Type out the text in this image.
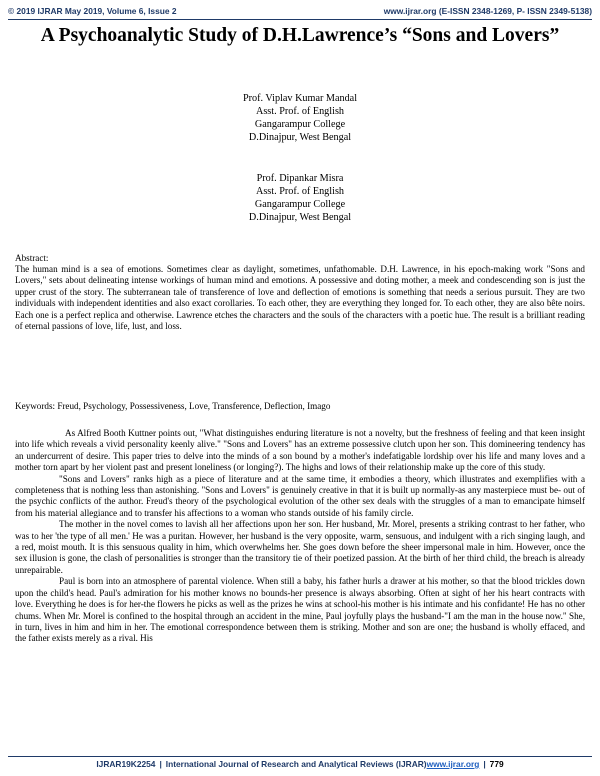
© 2019 IJRAR May 2019, Volume 6, Issue 2	www.ijrar.org (E-ISSN 2348-1269, P- ISSN 2349-5138)
A Psychoanalytic Study of D.H.Lawrence’s “Sons and Lovers”
Prof. Viplav Kumar Mandal
Asst. Prof. of English
Gangarampur College
D.Dinajpur, West Bengal
Prof. Dipankar Misra
Asst. Prof. of English
Gangarampur College
D.Dinajpur, West Bengal
Abstract:
The human mind is a sea of emotions. Sometimes clear as daylight, sometimes, unfathomable. D.H. Lawrence, in his epoch-making work "Sons and Lovers," sets about delineating intense workings of human mind and emotions. A possessive and doting mother, a meek and condescending son is just the upper crust of the story. The subterranean tale of transference of love and deflection of emotions is something that needs a serious pursuit. They are two individuals with independent identities and also exact corollaries. To each other, they are everything they longed for. To each other, they are also bête noirs. Each one is a perfect replica and otherwise. Lawrence etches the characters and the souls of the characters with a poetic hue. The result is a brilliant reading of eternal passions of love, life, lust, and loss.
Keywords: Freud, Psychology, Possessiveness, Love, Transference, Deflection, Imago

As Alfred Booth Kuttner points out, "What distinguishes enduring literature is not a novelty, but the freshness of feeling and that keen insight into life which reveals a vivid personality keenly alive." "Sons and Lovers" has an extreme possessive clutch upon her son. This domineering tendency has an undercurrent of desire. This paper tries to delve into the minds of a son bound by a mother's indefatigable lordship over his life and many loves and a mother torn apart by her violent past and present loneliness (or longing?). The highs and lows of their relationship make up the core of this study.

"Sons and Lovers" ranks high as a piece of literature and at the same time, it embodies a theory, which illustrates and exemplifies with a completeness that is nothing less than astonishing. "Sons and Lovers" is genuinely creative in that it is built up normally-as any masterpiece must be- out of the psychic conflicts of the author. Freud's theory of the psychological evolution of the other sex deals with the struggles of a man to emancipate himself from his material allegiance and to transfer his affections to a woman who stands outside of his family circle.

The mother in the novel comes to lavish all her affections upon her son. Her husband, Mr. Morel, presents a striking contrast to her father, who was to her 'the type of all men.' He was a puritan. However, her husband is the very opposite, warm, sensuous, and indulgent with a rich singing laugh, and a red, moist mouth. It is this sensuous quality in him, which overwhelms her. She goes down before the sheer impersonal male in him. However, once the sex illusion is gone, the clash of personalities is stronger than the transitory tie of their poetized passion. At the birth of her third child, the breach is already unrepairable.

Paul is born into an atmosphere of parental violence. When still a baby, his father hurls a drawer at his mother, so that the blood trickles down upon the child's head. Paul's admiration for his mother knows no bounds-her presence is always absorbing. Often at sight of her his heart contracts with love. Everything he does is for her-the flowers he picks as well as the prizes he wins at school-his mother is his intimate and his confidante! He has no other chums. When Mr. Morel is confined to the hospital through an accident in the mine, Paul joyfully plays the husband-"I am the man in the house now." She, in turn, lives in him and him in her. The emotional correspondence between them is striking. Mother and son are one; the husband is wholly effaced, and the father exists merely as a rival. His

IJRAR19K2254 | International Journal of Research and Analytical Reviews (IJRAR)www.ijrar.org | 779
